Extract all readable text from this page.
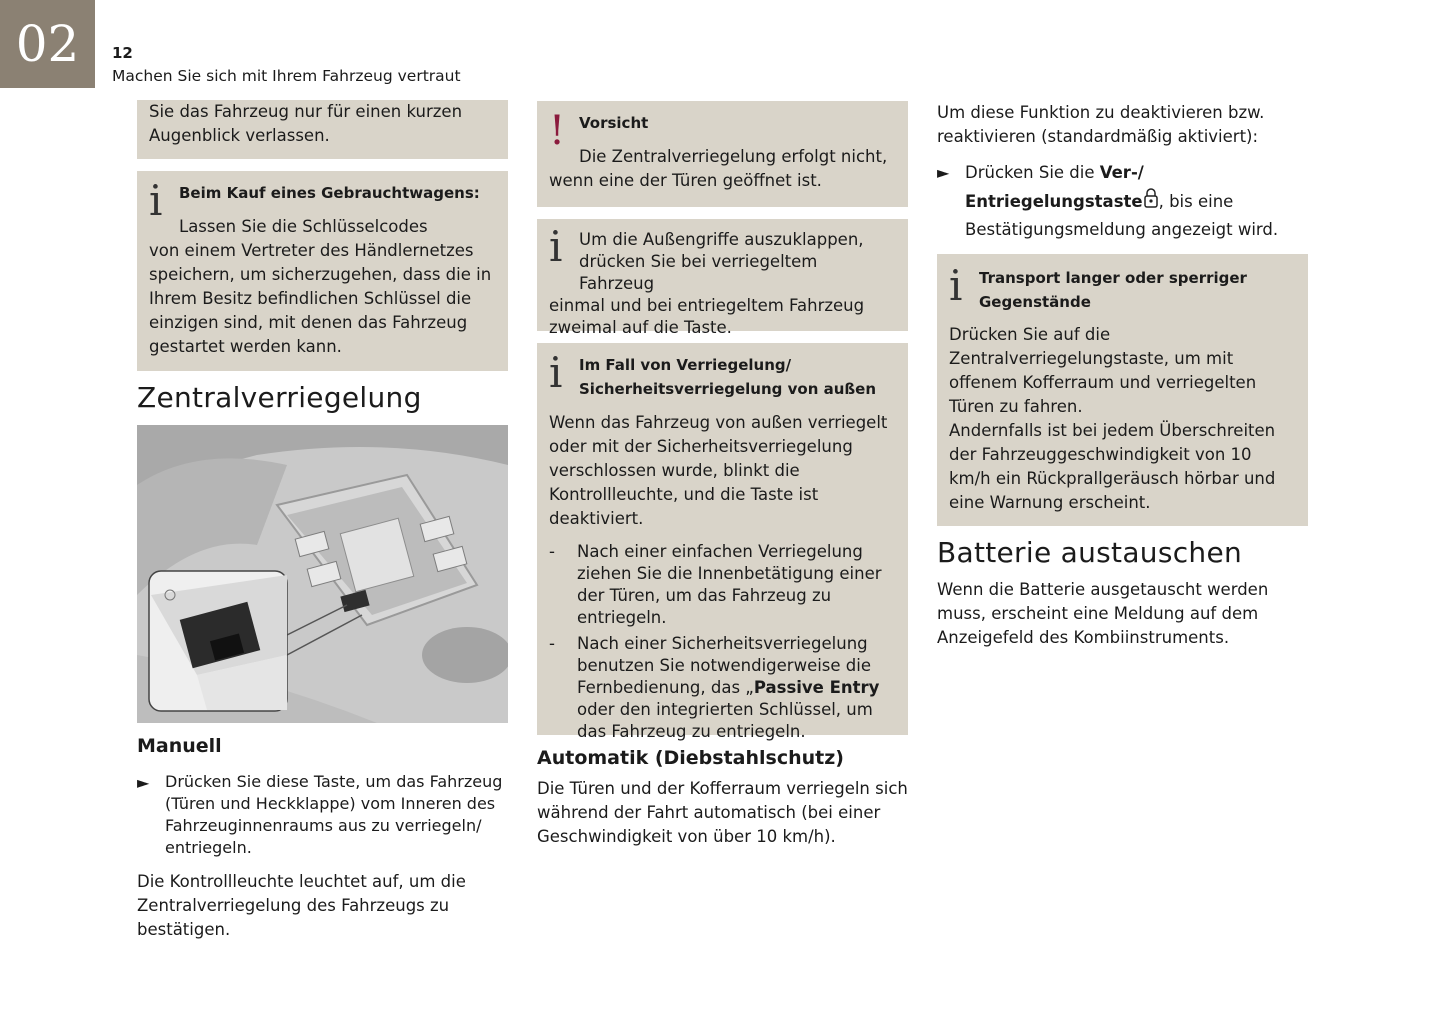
02	12
Machen Sie sich mit Ihrem Fahrzeug vertraut

Sie das Fahrzeug nur für einen kurzen Augenblick verlassen.

i	Beim Kauf eines Gebrauchtwagens:

Lassen Sie die Schlüsselcodes

von einem Vertreter des Händlernetzes speichern, um sicherzugehen, dass die in Ihrem Besitz befindlichen Schlüssel die einzigen sind, mit denen das Fahrzeug gestartet werden kann.

Zentralverriegelung
Manuell
► Drücken Sie diese Taste, um das Fahrzeug (Türen und Heckklappe) vom Inneren des Fahrzeuginnenraums aus zu verriegeln/ entriegeln.

Die Kontrollleuchte leuchtet auf, um die Zentralverriegelung des Fahrzeugs zu bestätigen.

! Vorsicht

Die Zentralverriegelung erfolgt nicht,

wenn eine der Türen geöffnet ist.

i	Um die Außengriffe auszuklappen, drücken Sie bei verriegeltem Fahrzeug

einmal und bei entriegeltem Fahrzeug zweimal auf die Taste.

i	Im Fall von Verriegelung/ Sicherheitsverriegelung von außen

Wenn das Fahrzeug von außen verriegelt oder mit der Sicherheitsverriegelung verschlossen wurde, blinkt die Kontrollleuchte, und die Taste ist deaktiviert.

-	Nach einer einfachen Verriegelung ziehen Sie die Innenbetätigung einer der Türen, um das Fahrzeug zu entriegeln.
-	Nach einer Sicherheitsverriegelung benutzen Sie notwendigerweise die Fernbedienung, das „Passive Entry oder den integrierten Schlüssel, um das Fahrzeug zu entriegeln.
Automatik (Diebstahlschutz)

Die Türen und der Kofferraum verriegeln sich während der Fahrt automatisch (bei einer Geschwindigkeit von über 10 km/h).

Um diese Funktion zu deaktivieren bzw. reaktivieren (standardmäßig aktiviert):

► Drücken Sie die Ver-/ Entriegelungstaste , bis eine Bestätigungsmeldung angezeigt wird.
i	Transport langer oder sperriger Gegenstände

Drücken Sie auf die Zentralverriegelungstaste, um mit offenem Kofferraum und verriegelten Türen zu fahren.

Andernfalls ist bei jedem Überschreiten der Fahrzeuggeschwindigkeit von 10 km/h ein Rückprallgeräusch hörbar und eine Warnung erscheint.

Batterie austauschen

Wenn die Batterie ausgetauscht werden muss, erscheint eine Meldung auf dem Anzeigefeld des Kombiinstruments.
